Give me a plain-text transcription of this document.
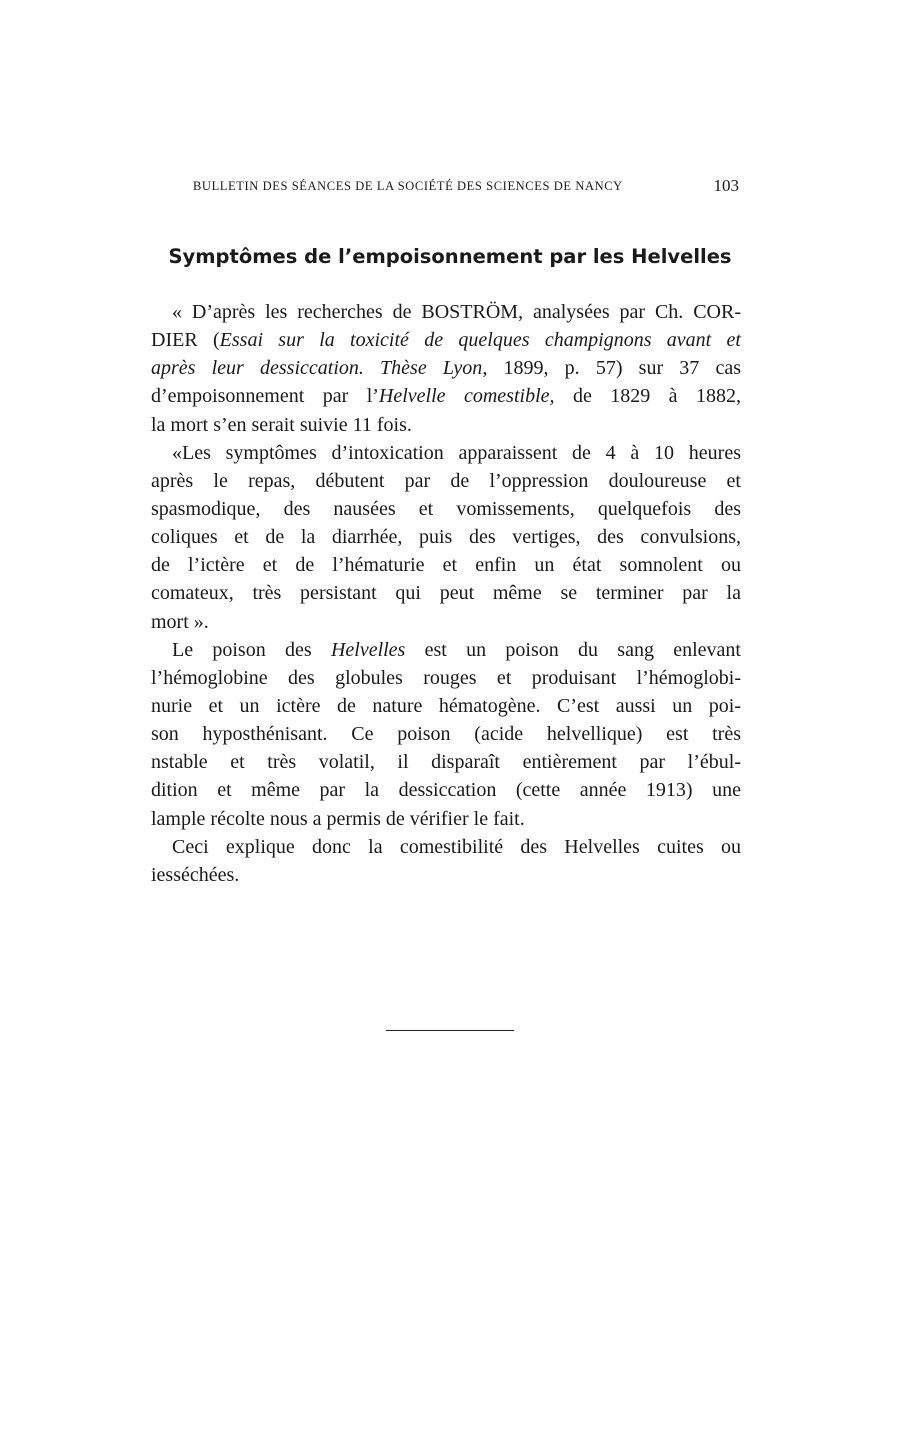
BULLETIN DES SÉANCES DE LA SOCIÉTÉ DES SCIENCES DE NANCY	103
Symptômes de l’empoisonnement par les Helvelles
« D’après les recherches de BOSTRÖM, analysées par Ch. COR-
DIER (Essai sur la toxicité de quelques champignons avant et
après leur dessiccation. Thèse Lyon, 1899, p. 57) sur 37 cas
d’empoisonnement par l’Helvelle comestible, de 1829 à 1882,
la mort s’en serait suivie 11 fois.
«Les symptômes d’intoxication apparaissent de 4 à 10 heures
après le repas, débutent par de l’oppression douloureuse et
spasmodique, des nausées et vomissements, quelquefois des
coliques et de la diarrhée, puis des vertiges, des convulsions,
de l’ictère et de l’hématurie et enfin un état somnolent ou
comateux, très persistant qui peut même se terminer par la
mort ».
Le poison des Helvelles est un poison du sang enlevant
l’hémoglobine des globules rouges et produisant l’hémoglobi-
nurie et un ictère de nature hématogène. C’est aussi un poi-
son hyposthénisant. Ce poison (acide helvellique) est très
nstable et très volatil, il disparaît entièrement par l’ébul-
dition et même par la dessiccation (cette année 1913) une
lample récolte nous a permis de vérifier le fait.
Ceci explique donc la comestibilité des Helvelles cuites ou
iesséchées.
